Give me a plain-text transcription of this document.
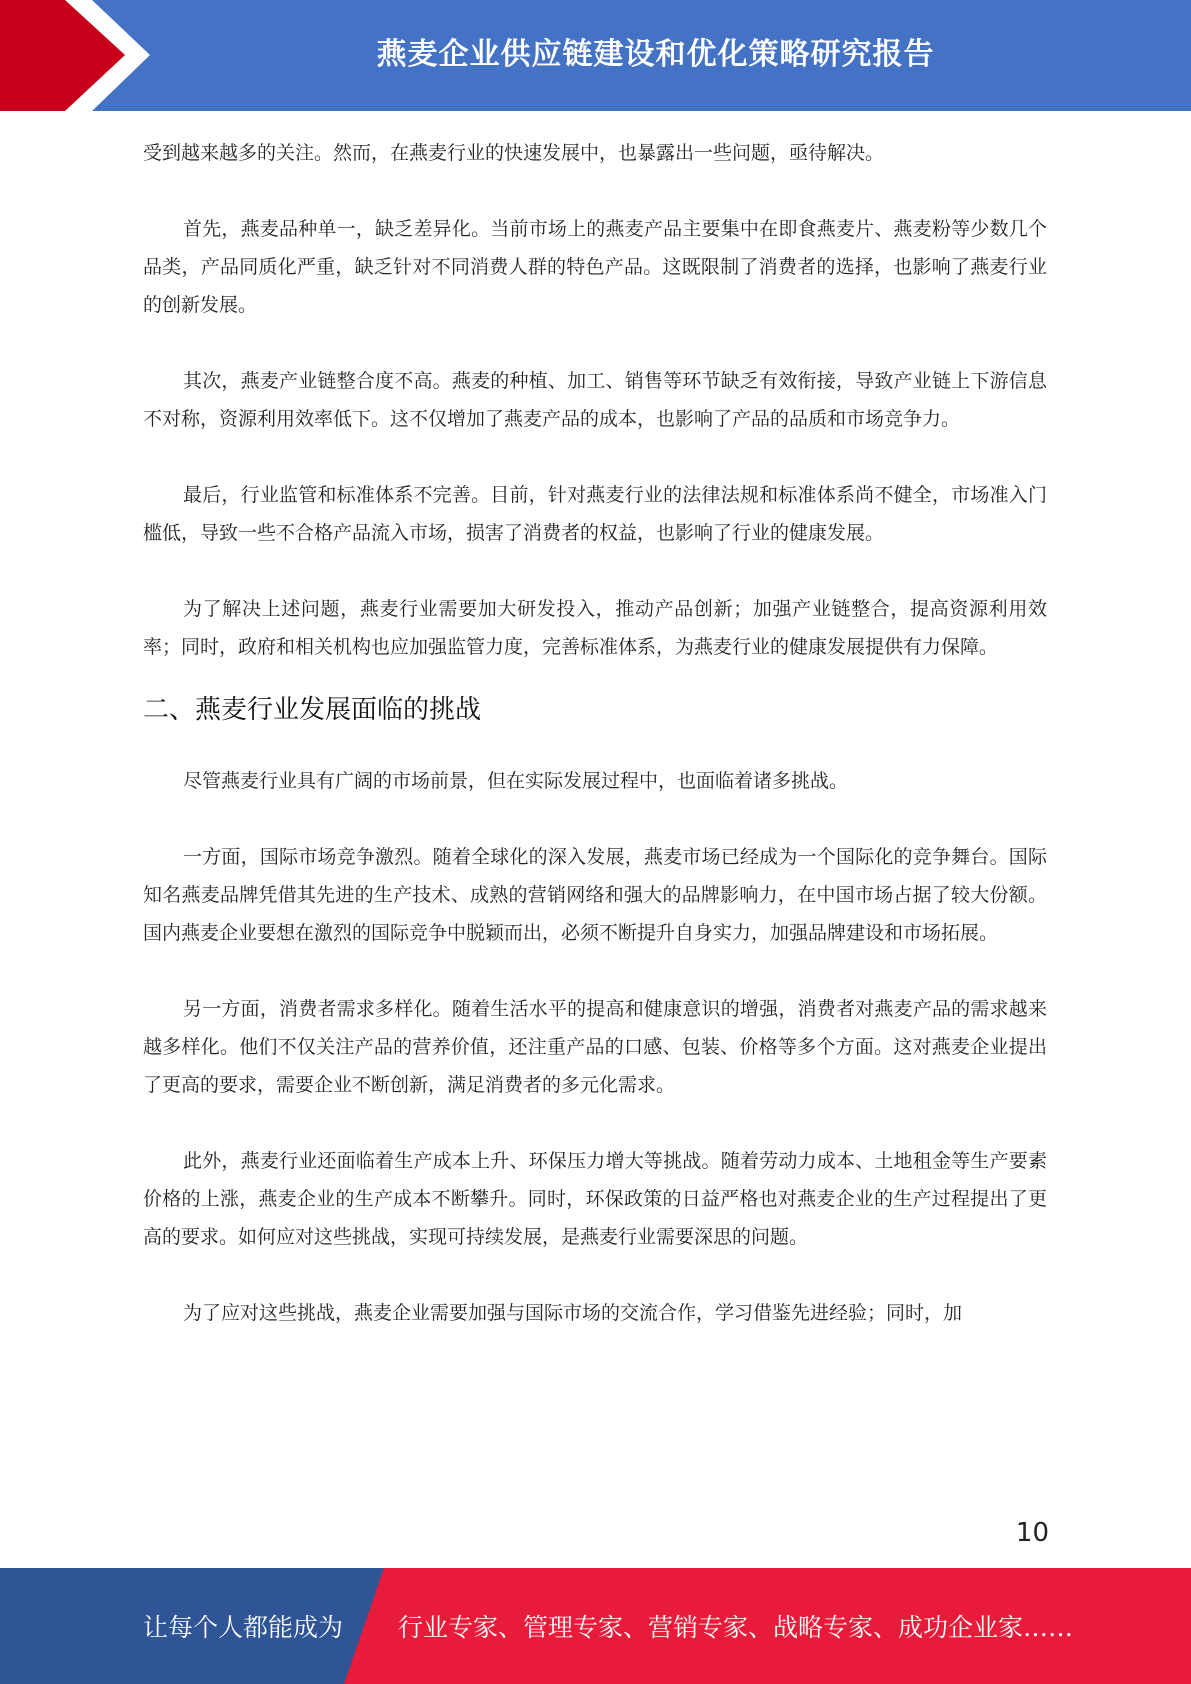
燕麦企业供应链建设和优化策略研究报告

受到越来越多的关注。然而，在燕麦行业的快速发展中，也暴露出一些问题，亟待解决。

首先，燕麦品种单一，缺乏差异化。当前市场上的燕麦产品主要集中在即食燕麦片、燕麦粉等少数几个品类，产品同质化严重，缺乏针对不同消费人群的特色产品。这既限制了消费者的选择，也影响了燕麦行业的创新发展。

其次，燕麦产业链整合度不高。燕麦的种植、加工、销售等环节缺乏有效衔接，导致产业链上下游信息不对称，资源利用效率低下。这不仅增加了燕麦产品的成本，也影响了产品的品质和市场竞争力。

最后，行业监管和标准体系不完善。目前，针对燕麦行业的法律法规和标准体系尚不健全，市场准入门槛低，导致一些不合格产品流入市场，损害了消费者的权益，也影响了行业的健康发展。

为了解决上述问题，燕麦行业需要加大研发投入，推动产品创新；加强产业链整合，提高资源利用效率；同时，政府和相关机构也应加强监管力度，完善标准体系，为燕麦行业的健康发展提供有力保障。

二、燕麦行业发展面临的挑战

尽管燕麦行业具有广阔的市场前景，但在实际发展过程中，也面临着诸多挑战。

一方面，国际市场竞争激烈。随着全球化的深入发展，燕麦市场已经成为一个国际化的竞争舞台。国际知名燕麦品牌凭借其先进的生产技术、成熟的营销网络和强大的品牌影响力，在中国市场占据了较大份额。国内燕麦企业要想在激烈的国际竞争中脱颖而出，必须不断提升自身实力，加强品牌建设和市场拓展。

另一方面，消费者需求多样化。随着生活水平的提高和健康意识的增强，消费者对燕麦产品的需求越来越多样化。他们不仅关注产品的营养价值，还注重产品的口感、包装、价格等多个方面。这对燕麦企业提出了更高的要求，需要企业不断创新，满足消费者的多元化需求。

此外，燕麦行业还面临着生产成本上升、环保压力增大等挑战。随着劳动力成本、土地租金等生产要素价格的上涨，燕麦企业的生产成本不断攀升。同时，环保政策的日益严格也对燕麦企业的生产过程提出了更高的要求。如何应对这些挑战，实现可持续发展，是燕麦行业需要深思的问题。

为了应对这些挑战，燕麦企业需要加强与国际市场的交流合作，学习借鉴先进经验；同时，加

10
让每个人都能成为 行业专家、管理专家、营销专家、战略专家、成功企业家……
